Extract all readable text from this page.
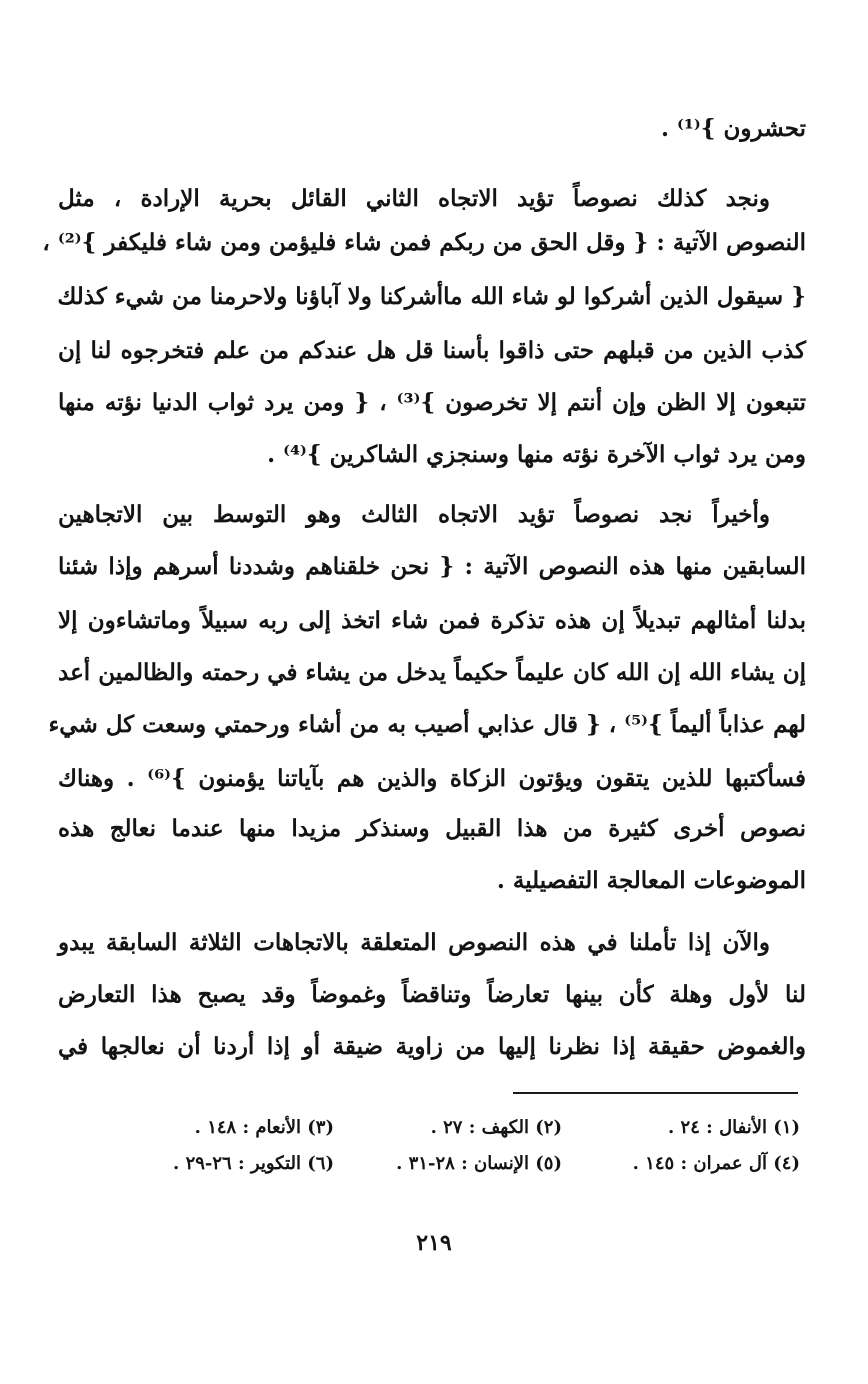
تحشرون }⁽¹⁾ .
ونجد كذلك نصوصاً تؤيد الاتجاه الثاني القائل بحرية الإرادة ، مثل
النصوص الآتية : { وقل الحق من ربكم فمن شاء فليؤمن ومن شاء فليكفر }⁽²⁾ ،
{ سيقول الذين أشركوا لو شاء الله ماأشركنا ولا آباؤنا ولاحرمنا من شيء كذلك
كذب الذين من قبلهم حتى ذاقوا بأسنا قل هل عندكم من علم فتخرجوه لنا إن
تتبعون إلا الظن وإن أنتم إلا تخرصون }⁽³⁾ ، { ومن يرد ثواب الدنيا نؤته منها
ومن يرد ثواب الآخرة نؤته منها وسنجزي الشاكرين }⁽⁴⁾ .
وأخيراً نجد نصوصاً تؤيد الاتجاه الثالث وهو التوسط بين الاتجاهين
السابقين منها هذه النصوص الآتية : { نحن خلقناهم وشددنا أسرهم وإذا شئنا
بدلنا أمثالهم تبديلاً إن هذه تذكرة فمن شاء اتخذ إلى ربه سبيلاً وماتشاءون إلا
إن يشاء الله إن الله كان عليماً حكيماً يدخل من يشاء في رحمته والظالمين أعد
لهم عذاباً أليماً }⁽⁵⁾ ، { قال عذابي أصيب به من أشاء ورحمتي وسعت كل شيء
فسأكتبها للذين يتقون ويؤتون الزكاة والذين هم بآياتنا يؤمنون }⁽⁶⁾ . وهناك
نصوص أخرى كثيرة من هذا القبيل وسنذكر مزيدا منها عندما نعالج هذه
الموضوعات المعالجة التفصيلية .
والآن إذا تأملنا في هذه النصوص المتعلقة بالاتجاهات الثلاثة السابقة يبدو
لنا لأول وهلة كأن بينها تعارضاً وتناقضاً وغموضاً وقد يصبح هذا التعارض
والغموض حقيقة إذا نظرنا إليها من زاوية ضيقة أو إذا أردنا أن نعالجها في
(١) الأنفال : ٢٤ .
(٢) الكهف : ٢٧ .
(٣) الأنعام : ١٤٨ .
(٤) آل عمران : ١٤٥ .
(٥) الإنسان : ٢٨-٣١ .
(٦) التكوير : ٢٦-٢٩ .
٢١٩
